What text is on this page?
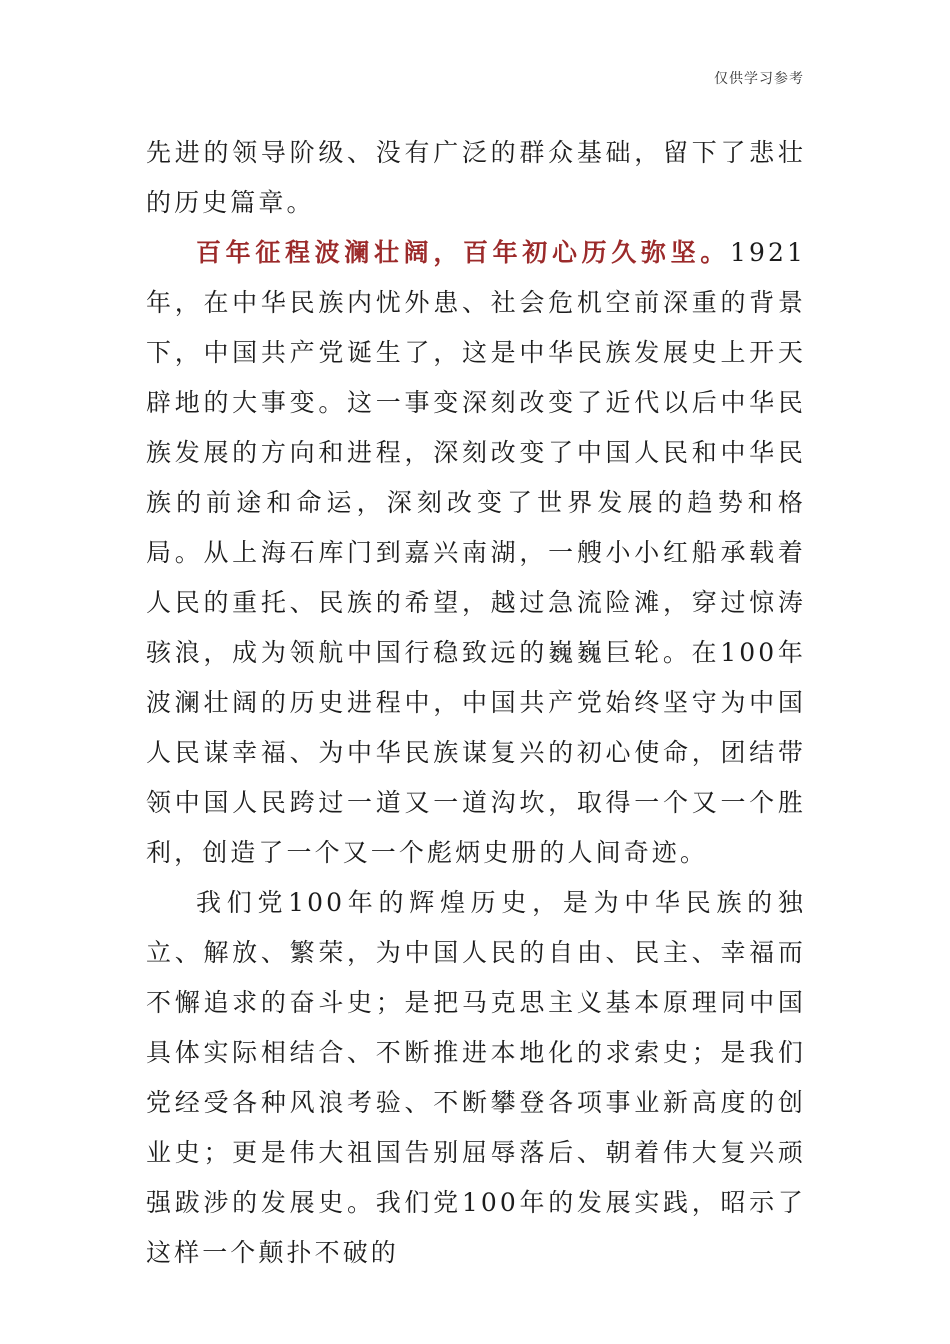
仅供学习参考

先进的领导阶级、没有广泛的群众基础，留下了悲壮的历史篇章。

百年征程波澜壮阔，百年初心历久弥坚。1921年，在中华民族内忧外患、社会危机空前深重的背景下，中国共产党诞生了，这是中华民族发展史上开天辟地的大事变。这一事变深刻改变了近代以后中华民族发展的方向和进程，深刻改变了中国人民和中华民族的前途和命运，深刻改变了世界发展的趋势和格局。从上海石库门到嘉兴南湖，一艘小小红船承载着人民的重托、民族的希望，越过急流险滩，穿过惊涛骇浪，成为领航中国行稳致远的巍巍巨轮。在100年波澜壮阔的历史进程中，中国共产党始终坚守为中国人民谋幸福、为中华民族谋复兴的初心使命，团结带领中国人民跨过一道又一道沟坎，取得一个又一个胜利，创造了一个又一个彪炳史册的人间奇迹。

我们党100年的辉煌历史，是为中华民族的独立、解放、繁荣，为中国人民的自由、民主、幸福而不懈追求的奋斗史；是把马克思主义基本原理同中国具体实际相结合、不断推进本地化的求索史；是我们党经受各种风浪考验、不断攀登各项事业新高度的创业史；更是伟大祖国告别屈辱落后、朝着伟大复兴顽强跋涉的发展史。我们党100年的发展实践，昭示了这样一个颠扑不破的
